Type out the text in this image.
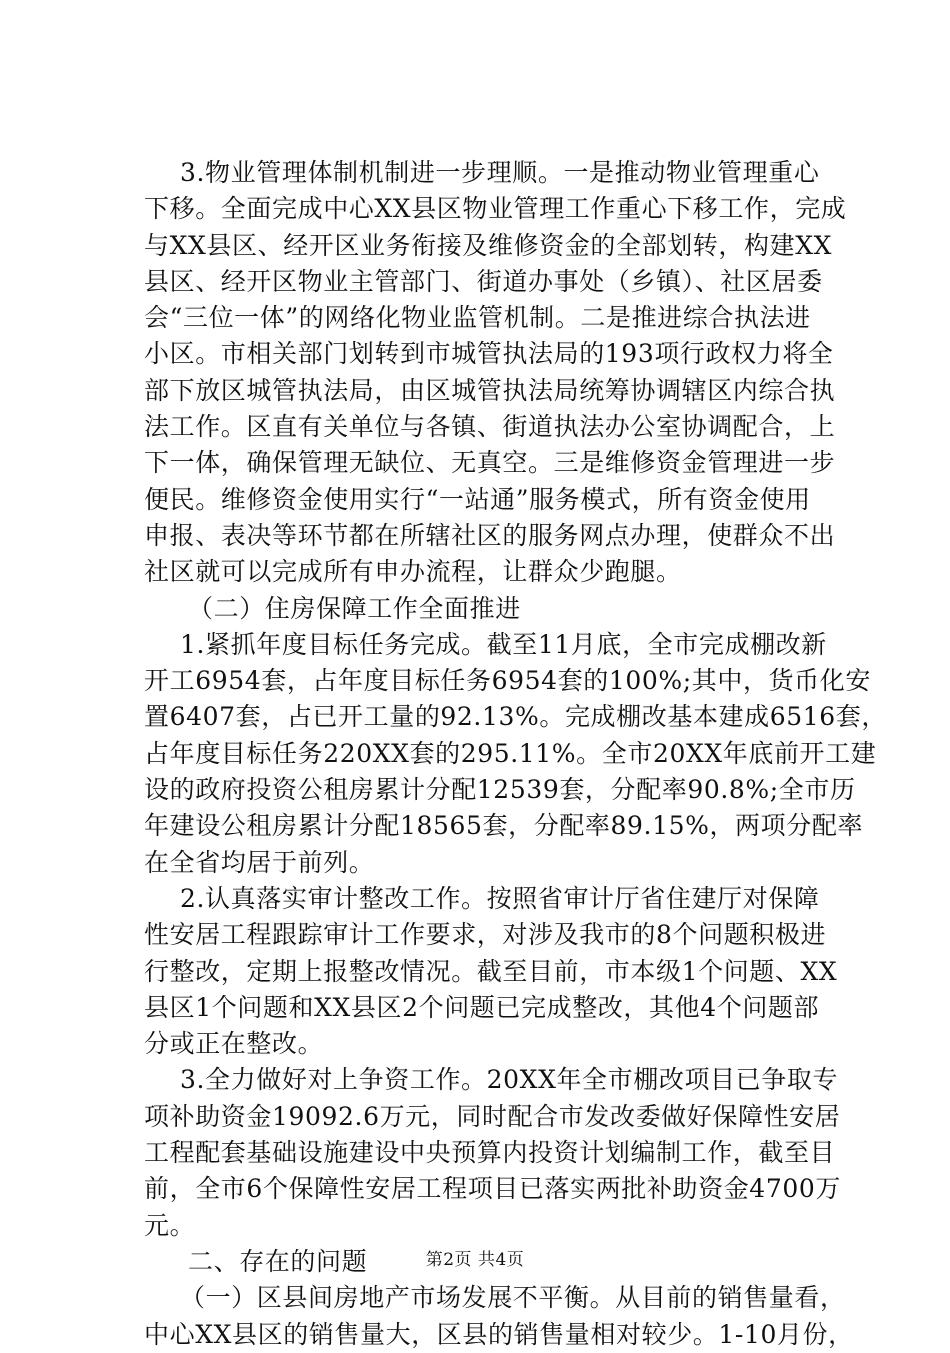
3.物业管理体制机制进一步理顺。一是推动物业管理重心
下移。全面完成中心XX县区物业管理工作重心下移工作，完成
与XX县区、经开区业务衔接及维修资金的全部划转，构建XX
县区、经开区物业主管部门、街道办事处（乡镇）、社区居委
会“三位一体”的网络化物业监管机制。二是推进综合执法进
小区。市相关部门划转到市城管执法局的193项行政权力将全
部下放区城管执法局，由区城管执法局统筹协调辖区内综合执
法工作。区直有关单位与各镇、街道执法办公室协调配合，上
下一体，确保管理无缺位、无真空。三是维修资金管理进一步
便民。维修资金使用实行“一站通”服务模式，所有资金使用
申报、表决等环节都在所辖社区的服务网点办理，使群众不出
社区就可以完成所有申办流程，让群众少跑腿。
（二）住房保障工作全面推进
1.紧抓年度目标任务完成。截至11月底，全市完成棚改新
开工6954套，占年度目标任务6954套的100%;其中，货币化安
置6407套，占已开工量的92.13%。完成棚改基本建成6516套，
占年度目标任务220XX套的295.11%。全市20XX年底前开工建
设的政府投资公租房累计分配12539套，分配率90.8%;全市历
年建设公租房累计分配18565套，分配率89.15%，两项分配率
在全省均居于前列。
2.认真落实审计整改工作。按照省审计厅省住建厅对保障
性安居工程跟踪审计工作要求，对涉及我市的8个问题积极进
行整改，定期上报整改情况。截至目前，市本级1个问题、XX
县区1个问题和XX县区2个问题已完成整改，其他4个问题部
分或正在整改。
3.全力做好对上争资工作。20XX年全市棚改项目已争取专
项补助资金19092.6万元，同时配合市发改委做好保障性安居
工程配套基础设施建设中央预算内投资计划编制工作，截至目
前，全市6个保障性安居工程项目已落实两批补助资金4700万
元。
二、存在的问题
（一）区县间房地产市场发展不平衡。从目前的销售量看，
中心XX县区的销售量大，区县的销售量相对较少。1-10月份，
第2页 共4页
